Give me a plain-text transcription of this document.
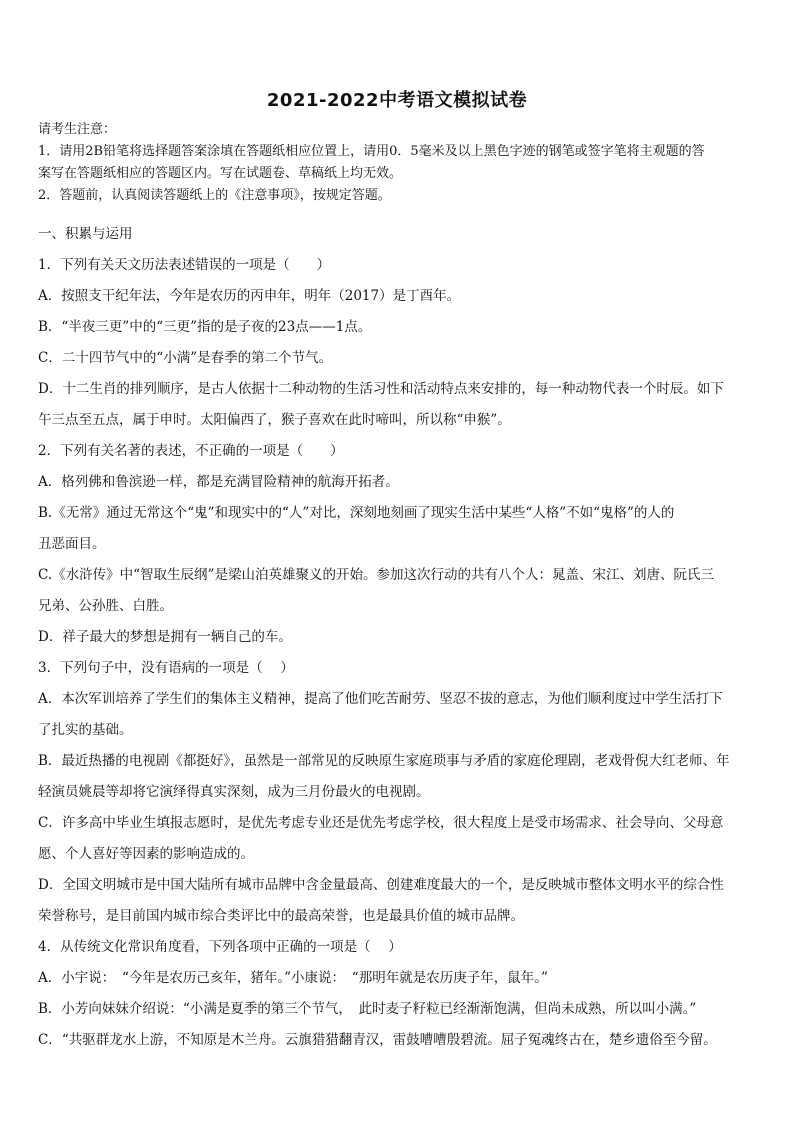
2021-2022中考语文模拟试卷
请考生注意：
1．请用2B铅笔将选择题答案涂填在答题纸相应位置上，请用0．5毫米及以上黑色字迹的钢笔或签字笔将主观题的答
案写在答题纸相应的答题区内。写在试题卷、草稿纸上均无效。
2．答题前，认真阅读答题纸上的《注意事项》，按规定答题。

一、积累与运用

1．下列有关天文历法表述错误的一项是（　　）

A．按照支干纪年法，今年是农历的丙申年，明年（2017）是丁酉年。

B．“半夜三更”中的“三更”指的是子夜的23点——1点。

C．二十四节气中的“小满”是春季的第二个节气。

D．十二生肖的排列顺序，是古人依据十二种动物的生活习性和活动特点来安排的，每一种动物代表一个时辰。如下

午三点至五点，属于申时。太阳偏西了，猴子喜欢在此时啼叫，所以称“申猴”。

2．下列有关名著的表述，不正确的一项是（　　）

A．格列佛和鲁滨逊一样，都是充满冒险精神的航海开拓者。

B.《无常》通过无常这个“鬼”和现实中的“人”对比，深刻地刻画了现实生活中某些“人格”不如“鬼格”的人的

丑恶面目。

C.《水浒传》中“智取生辰纲”是梁山泊英雄聚义的开始。参加这次行动的共有八个人：晁盖、宋江、刘唐、阮氏三

兄弟、公孙胜、白胜。

D．祥子最大的梦想是拥有一辆自己的车。

3．下列句子中，没有语病的一项是（　 ）

A．本次军训培养了学生们的集体主义精神，提高了他们吃苦耐劳、坚忍不拔的意志，为他们顺利度过中学生活打下

了扎实的基础。

B．最近热播的电视剧《都挺好》，虽然是一部常见的反映原生家庭琐事与矛盾的家庭伦理剧，老戏骨倪大红老师、年

轻演员姚晨等却将它演绎得真实深刻，成为三月份最火的电视剧。

C．许多高中毕业生填报志愿时，是优先考虑专业还是优先考虑学校，很大程度上是受市场需求、社会导向、父母意

愿、个人喜好等因素的影响造成的。

D．全国文明城市是中国大陆所有城市品牌中含金量最高、创建难度最大的一个，是反映城市整体文明水平的综合性

荣誉称号，是目前国内城市综合类评比中的最高荣誉，也是最具价值的城市品牌。

4．从传统文化常识角度看，下列各项中正确的一项是（　 ）

A．小宇说：　“今年是农历己亥年，猪年。”小康说：　“那明年就是农历庚子年，鼠年。”

B．小芳向妹妹介绍说：“小满是夏季的第三个节气，　此时麦子籽粒已经渐渐饱满，但尚未成熟，所以叫小满。”

C．“共驱群龙水上游，不知原是木兰舟。云旗猎猎翻青汉，雷鼓嘈嘈殷碧流。屈子冤魂终古在，楚乡遗俗至今留。
